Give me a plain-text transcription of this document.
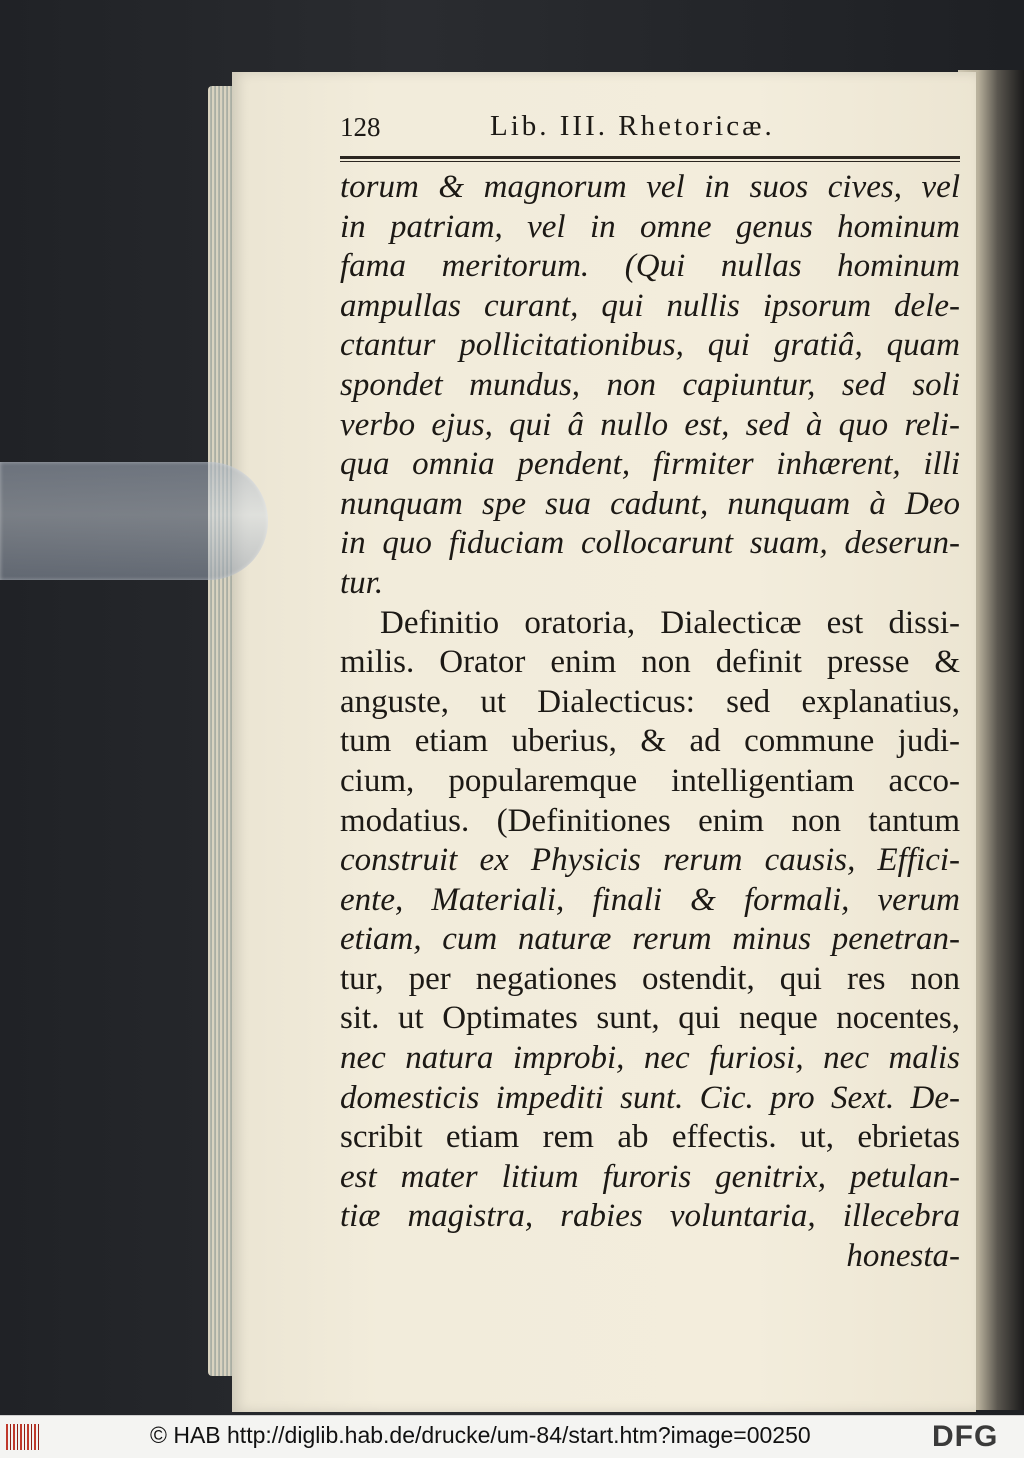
128	Lib. III. Rhetoricæ.
torum & magnorum vel in suos cives, vel
in patriam, vel in omne genus hominum
fama meritorum. (Qui nullas hominum
ampullas curant, qui nullis ipsorum dele-
ctantur pollicitationibus, qui gratiâ, quam
spondet mundus, non capiuntur, sed soli
verbo ejus, qui â nullo est, sed à quo reli-
qua omnia pendent, firmiter inhærent, illi
nunquam spe sua cadunt, nunquam à Deo
in quo fiduciam collocarunt suam, deserun-
tur.
Definitio oratoria, Dialecticæ est dissi-
milis. Orator enim non definit presse &
anguste, ut Dialecticus: sed explanatius,
tum etiam uberius, & ad commune judi-
cium, popularemque intelligentiam acco-
modatius. (Definitiones enim non tantum
construit ex Physicis rerum causis, Effici-
ente, Materiali, finali & formali, verum
etiam, cum naturæ rerum minus penetran-
tur, per negationes ostendit, qui res non
sit. ut Optimates sunt, qui neque nocentes,
nec natura improbi, nec furiosi, nec malis
domesticis impediti sunt. Cic. pro Sext. De-
scribit etiam rem ab effectis. ut, ebrietas
est mater litium furoris genitrix, petulan-
tiæ magistra, rabies voluntaria, illecebra
honesta-
© HAB http://diglib.hab.de/drucke/um-84/start.htm?image=00250	DFG
